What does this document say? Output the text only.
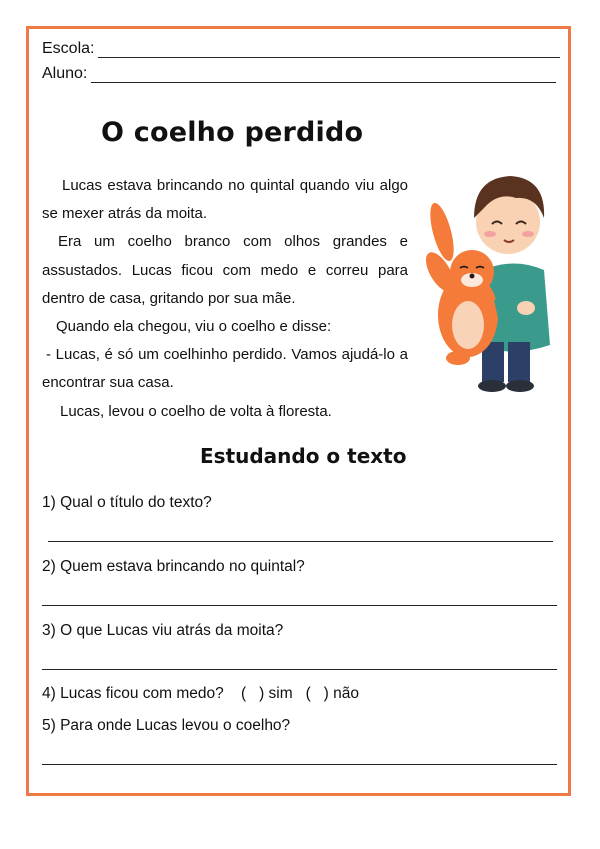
Escola:
Aluno:
O coelho perdido

Lucas estava brincando no quintal quando viu algo se mexer atrás da moita.

Era um coelho branco com olhos grandes e assustados. Lucas ficou com medo e correu para dentro de casa, gritando por sua mãe.

Quando ela chegou, viu o coelho e disse:

- Lucas, é só um coelhinho perdido. Vamos ajudá-lo a encontrar sua casa.

Lucas, levou o coelho de volta à floresta.

Estudando o texto
1) Qual o título do texto?
2) Quem estava brincando no quintal?
3) O que Lucas viu atrás da moita?
4) Lucas ficou com medo?    (   ) sim   (   ) não
5) Para onde Lucas levou o coelho?
